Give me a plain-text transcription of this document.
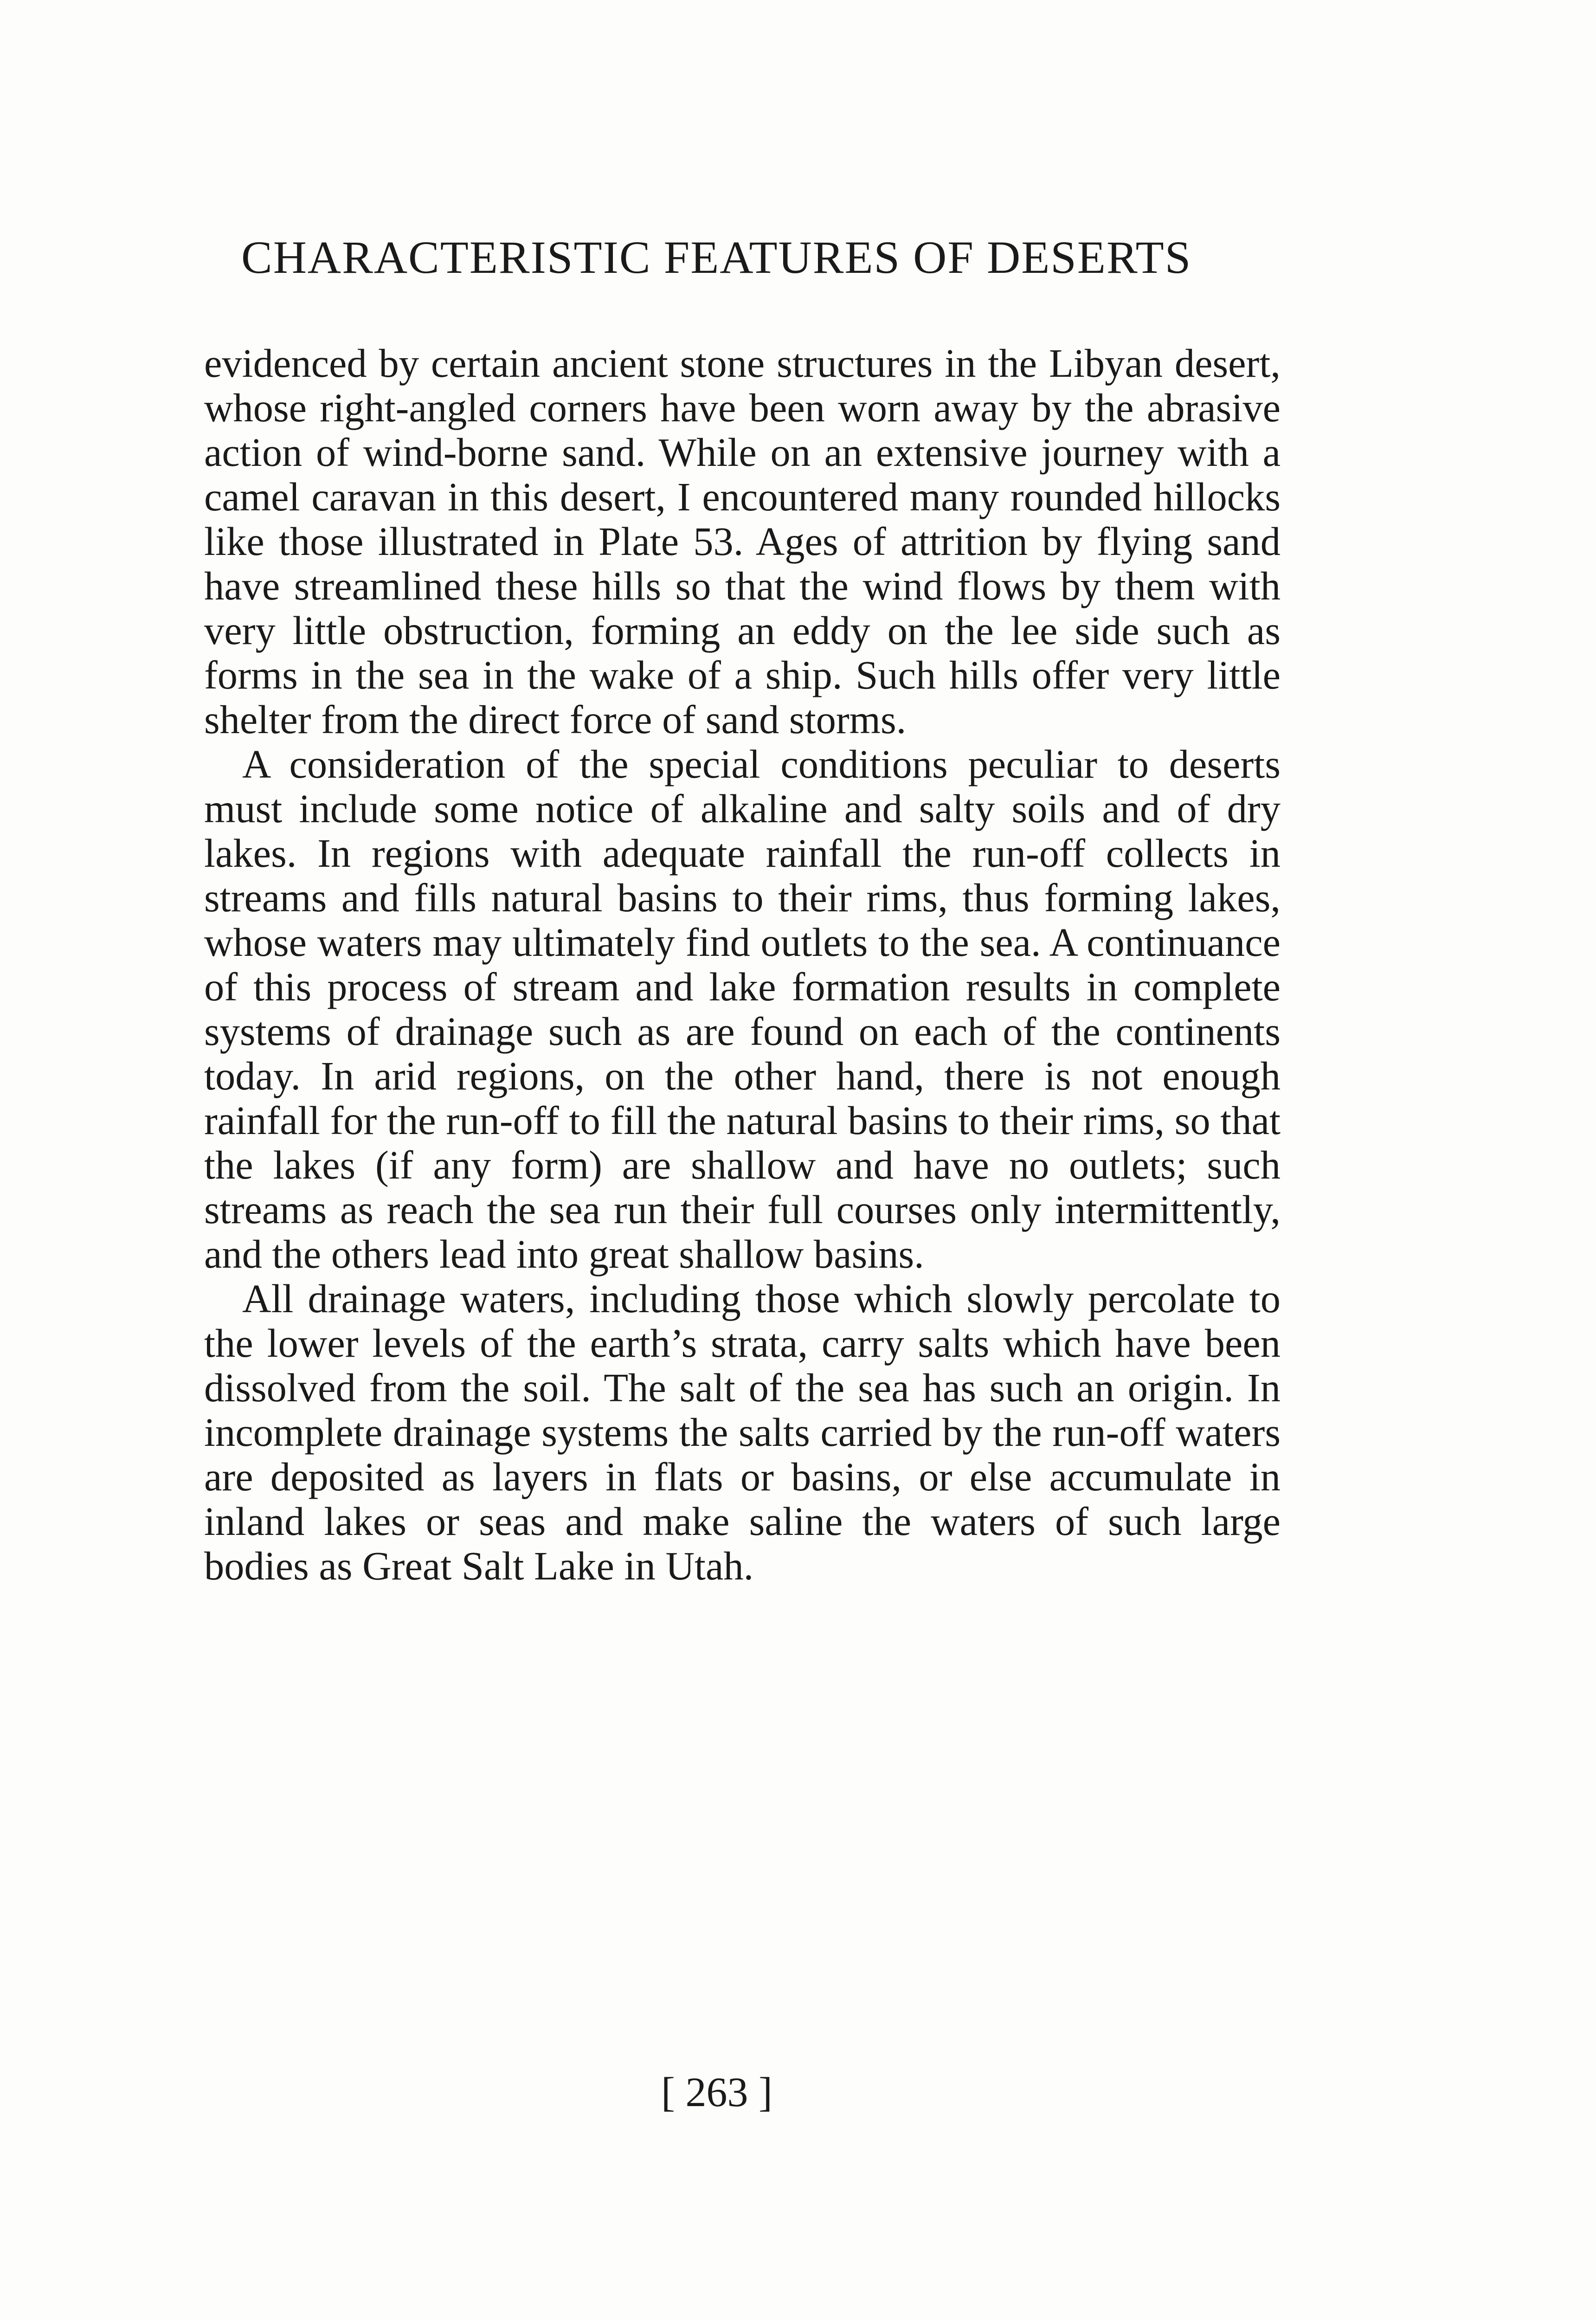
CHARACTERISTIC FEATURES OF DESERTS

evidenced by certain ancient stone structures in the Libyan desert, whose right-angled corners have been worn away by the abrasive action of wind-borne sand. While on an extensive journey with a camel caravan in this desert, I encountered many rounded hillocks like those illustrated in Plate 53. Ages of attrition by flying sand have streamlined these hills so that the wind flows by them with very little obstruction, forming an eddy on the lee side such as forms in the sea in the wake of a ship. Such hills offer very little shelter from the direct force of sand storms.

A consideration of the special conditions peculiar to deserts must include some notice of alkaline and salty soils and of dry lakes. In regions with adequate rainfall the run-off collects in streams and fills natural basins to their rims, thus forming lakes, whose waters may ultimately find outlets to the sea. A continuance of this process of stream and lake formation results in complete systems of drainage such as are found on each of the continents today. In arid regions, on the other hand, there is not enough rainfall for the run-off to fill the natural basins to their rims, so that the lakes (if any form) are shallow and have no outlets; such streams as reach the sea run their full courses only intermittently, and the others lead into great shallow basins.

All drainage waters, including those which slowly percolate to the lower levels of the earth’s strata, carry salts which have been dissolved from the soil. The salt of the sea has such an origin. In incomplete drainage systems the salts carried by the run-off waters are deposited as layers in flats or basins, or else accumulate in inland lakes or seas and make saline the waters of such large bodies as Great Salt Lake in Utah.

[ 263 ]
